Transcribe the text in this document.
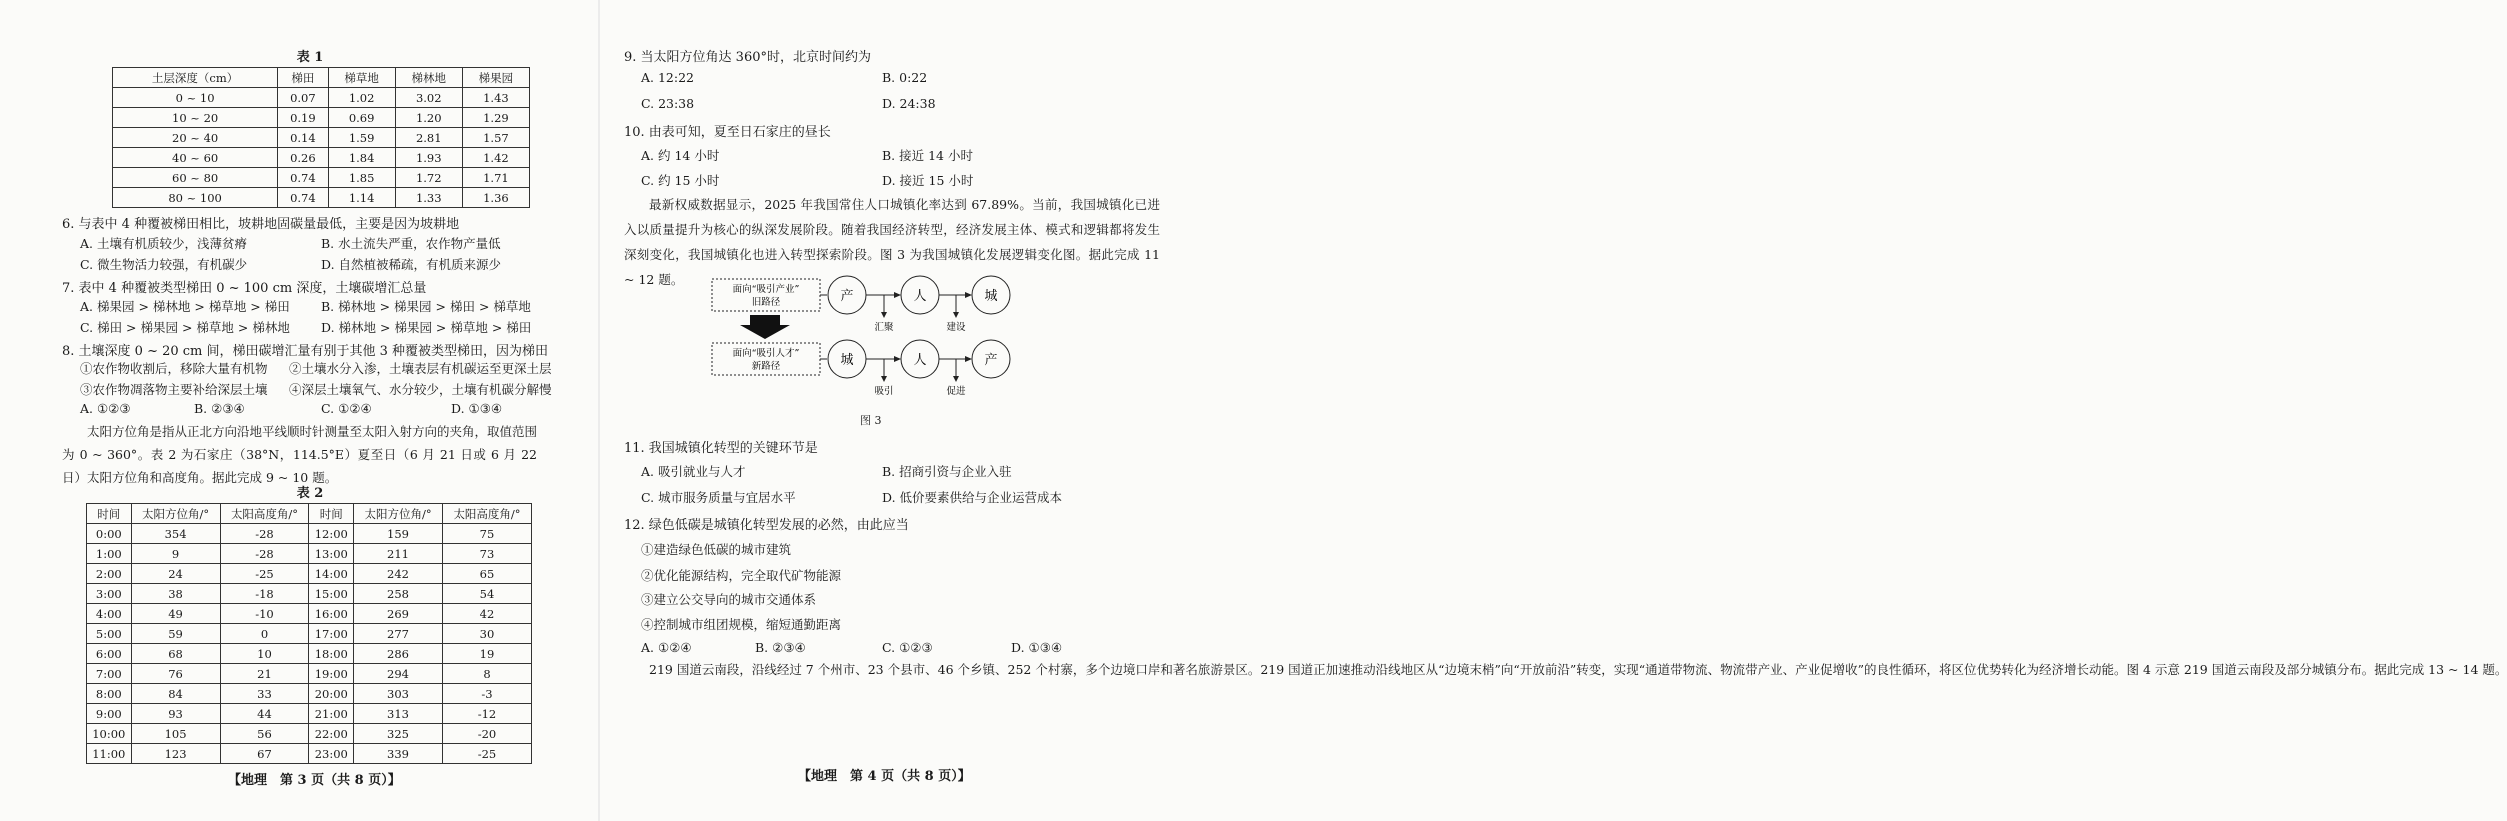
表 1
土层深度（cm）	梯田	梯草地	梯林地	梯果园
0 ~ 10	0.07	1.02	3.02	1.43
10 ~ 20	0.19	0.69	1.20	1.29
20 ~ 40	0.14	1.59	2.81	1.57
40 ~ 60	0.26	1.84	1.93	1.42
60 ~ 80	0.74	1.85	1.72	1.71
80 ~ 100	0.74	1.14	1.33	1.36
6. 与表中 4 种覆被梯田相比，坡耕地固碳量最低，主要是因为坡耕地
A. 土壤有机质较少，浅薄贫瘠	B. 水土流失严重，农作物产量低
C. 微生物活力较强，有机碳少	D. 自然植被稀疏，有机质来源少
7. 表中 4 种覆被类型梯田 0 ~ 100 cm 深度，土壤碳增汇总量
A. 梯果园 > 梯林地 > 梯草地 > 梯田	B. 梯林地 > 梯果园 > 梯田 > 梯草地
C. 梯田 > 梯果园 > 梯草地 > 梯林地 D. 梯林地 > 梯果园 > 梯草地 > 梯田
8. 土壤深度 0 ~ 20 cm 间，梯田碳增汇量有别于其他 3 种覆被类型梯田，因为梯田
①农作物收割后，移除大量有机物 ②土壤水分入渗，土壤表层有机碳运至更深土层
③农作物凋落物主要补给深层土壤 ④深层土壤氧气、水分较少，土壤有机碳分解慢
A. ①②③	B. ②③④	C. ①②④	D. ①③④
太阳方位角是指从正北方向沿地平线顺时针测量至太阳入射方向的夹角，取值范围为 0 ~ 360°。表 2 为石家庄（38°N，114.5°E）夏至日（6 月 21 日或 6 月 22 日）太阳方位角和高度角。据此完成 9 ~ 10 题。
表 2
时间	太阳方位角/°	太阳高度角/°	时间	太阳方位角/°	太阳高度角/°
0:00	354	-28	12:00	159	75
1:00	9	-28	13:00	211	73
2:00	24	-25	14:00	242	65
3:00	38	-18	15:00	258	54
4:00	49	-10	16:00	269	42
5:00	59	0	17:00	277	30
6:00	68	10	18:00	286	19
7:00	76	21	19:00	294	8
8:00	84	33	20:00	303	-3
9:00	93	44	21:00	313	-12
10:00	105	56	22:00	325	-20
11:00	123	67	23:00	339	-25
【地理　第 3 页（共 8 页）】
9. 当太阳方位角达 360°时，北京时间约为
A. 12:22	B. 0:22
C. 23:38	D. 24:38
10. 由表可知，夏至日石家庄的昼长
A. 约 14 小时	B. 接近 14 小时
C. 约 15 小时	D. 接近 15 小时
最新权威数据显示，2025 年我国常住人口城镇化率达到 67.89%。当前，我国城镇化已进入以质量提升为核心的纵深发展阶段。随着我国经济转型，经济发展主体、模式和逻辑都将发生深刻变化，我国城镇化也进入转型探索阶段。图 3 为我国城镇化发展逻辑变化图。据此完成 11 ~ 12 题。
面向“吸引产业”
旧路径
面向“吸引人才”
新路径
产	人	城
汇聚	建设
城	人	产
吸引	促进
图 3
11. 我国城镇化转型的关键环节是
A. 吸引就业与人才	B. 招商引资与企业入驻
C. 城市服务质量与宜居水平	D. 低价要素供给与企业运营成本
12. 绿色低碳是城镇化转型发展的必然，由此应当
①建造绿色低碳的城市建筑
②优化能源结构，完全取代矿物能源
③建立公交导向的城市交通体系
④控制城市组团规模，缩短通勤距离
A. ①②④	B. ②③④	C. ①②③	D. ①③④
219 国道云南段，沿线经过 7 个州市、23 个县市、46 个乡镇、252 个村寨，多个边境口岸和著名旅游景区。219 国道正加速推动沿线地区从“边境末梢”向“开放前沿”转变，实现“通道带物流、物流带产业、产业促增收”的良性循环，将区位优势转化为经济增长动能。图 4 示意 219 国道云南段及部分城镇分布。据此完成 13 ~ 14 题。
【地理　第 4 页（共 8 页）】
